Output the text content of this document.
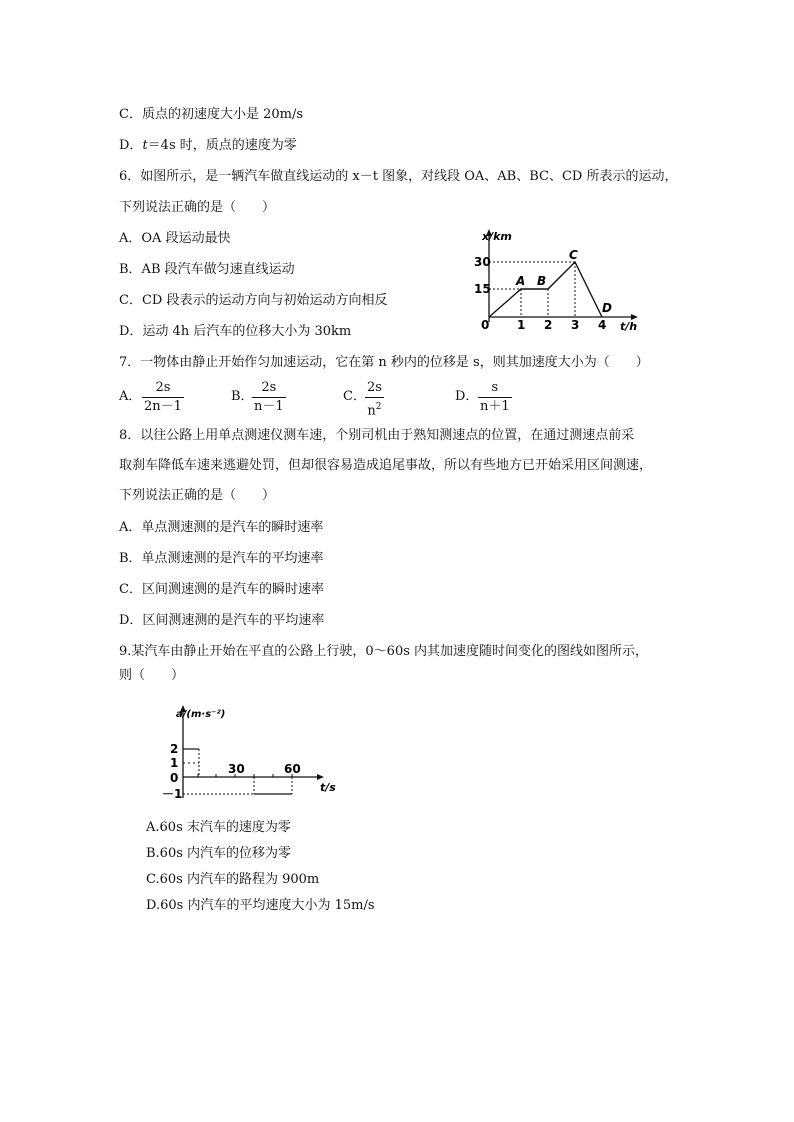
C．质点的初速度大小是 20m/s
D．t＝4s 时，质点的速度为零
6．如图所示，是一辆汽车做直线运动的 x－t 图象，对线段 OA、AB、BC、CD 所表示的运动，
下列说法正确的是（　　）
A．OA 段运动最快
B．AB 段汽车做匀速直线运动
C．CD 段表示的运动方向与初始运动方向相反
D．运动 4h 后汽车的位移大小为 30km
x/km
t/h
0
15
30
1 2 3 4
A B
C
D
7．一物体由静止开始作匀加速运动，它在第 n 秒内的位移是 s，则其加速度大小为（　　）
A．
2s
2n－1
B．
2s
n－1
C．
2s
$n^2$
D．
s
n＋1
8．以往公路上用单点测速仪测车速，个别司机由于熟知测速点的位置，在通过测速点前采
取刹车降低车速来逃避处罚，但却很容易造成追尾事故，所以有些地方已开始采用区间测速，
下列说法正确的是（　　）
A．单点测速测的是汽车的瞬时速率
B．单点测速测的是汽车的平均速率
C．区间测速测的是汽车的瞬时速率
D．区间测速测的是汽车的平均速率
9.某汽车由静止开始在平直的公路上行驶，0～60s 内其加速度随时间变化的图线如图所示，
则（　　）
a/(m·s⁻²)
t/s
0
2
1
－1
30	60
A.60s 末汽车的速度为零
B.60s 内汽车的位移为零
C.60s 内汽车的路程为 900m
D.60s 内汽车的平均速度大小为 15m/s
